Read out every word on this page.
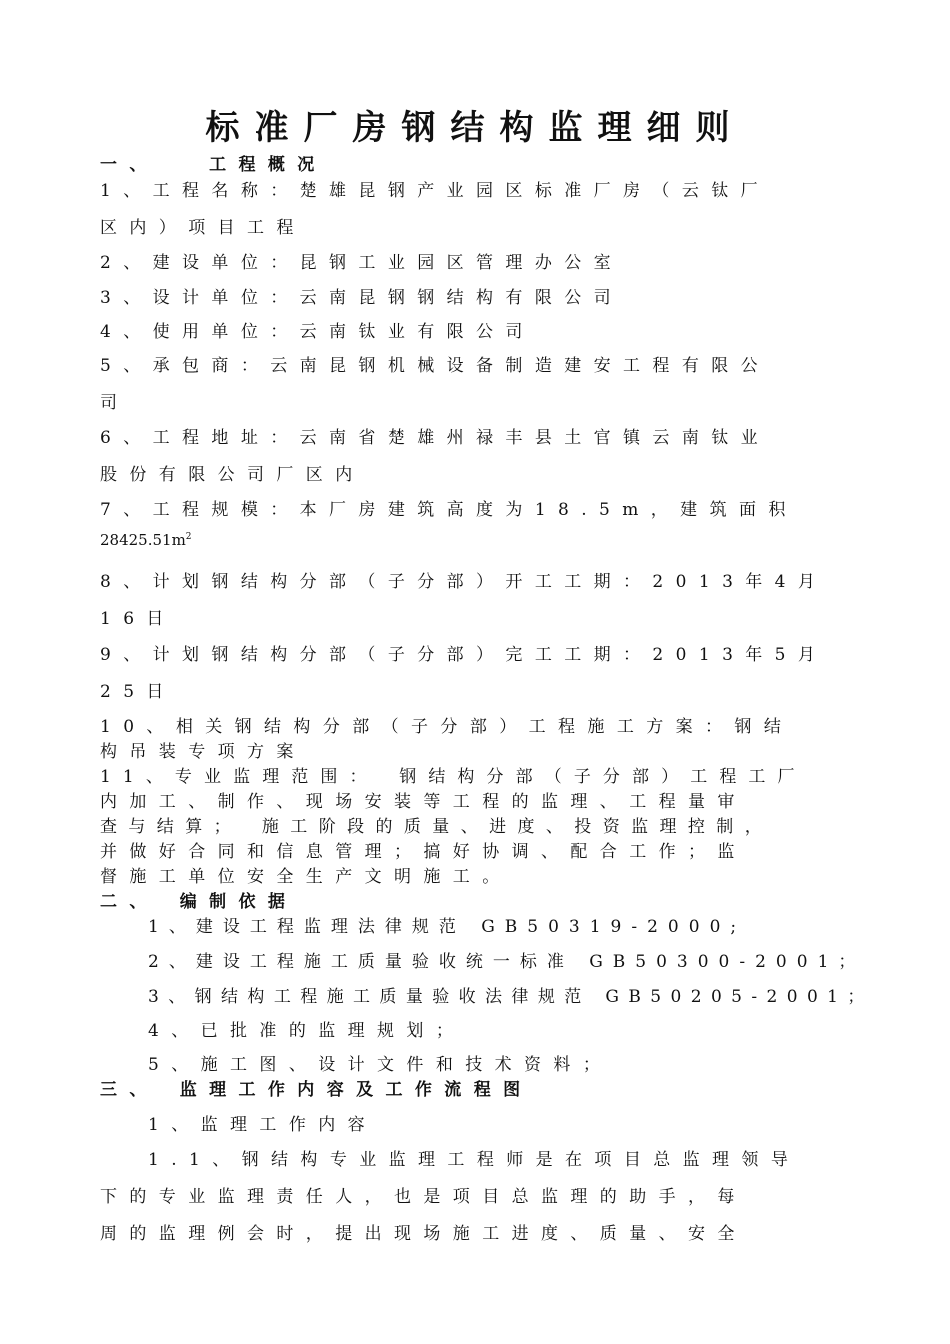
标准厂房钢结构监理细则
一、　　工程概况
1、工程名称：楚雄昆钢产业园区标准厂房（云钛厂
区内）项目工程
2、建设单位：昆钢工业园区管理办公室
3、设计单位：云南昆钢钢结构有限公司
4、使用单位：云南钛业有限公司
5、承包商：云南昆钢机械设备制造建安工程有限公
司
6、工程地址：云南省楚雄州禄丰县土官镇云南钛业
股份有限公司厂区内
7、工程规模：本厂房建筑高度为18.5m，建筑面积
$28425.51m^2$
8、计划钢结构分部（子分部）开工工期：2013年4月
16日
9、计划钢结构分部（子分部）完工工期：2013年5月
25日
10、相关钢结构分部（子分部）工程施工方案：钢结
构吊装专项方案
11、专业监理范围：　钢结构分部（子分部）工程工厂
内加工、制作、现场安装等工程的监理、工程量审
查与结算；　施工阶段的质量、进度、投资监理控制，
并做好合同和信息管理；搞好协调、配合工作；监
督施工单位安全生产文明施工。
二、　编制依据
1、建设工程监理法律规范 GB50319-2000;
2、建设工程施工质量验收统一标准 GB50300-2001；
3、钢结构工程施工质量验收法律规范 GB50205-2001；
4、已批准的监理规划；
5、施工图、设计文件和技术资料；
三、　监理工作内容及工作流程图
1、监理工作内容
1.1、钢结构专业监理工程师是在项目总监理领导
下的专业监理责任人，也是项目总监理的助手，每
周的监理例会时，提出现场施工进度、质量、安全
